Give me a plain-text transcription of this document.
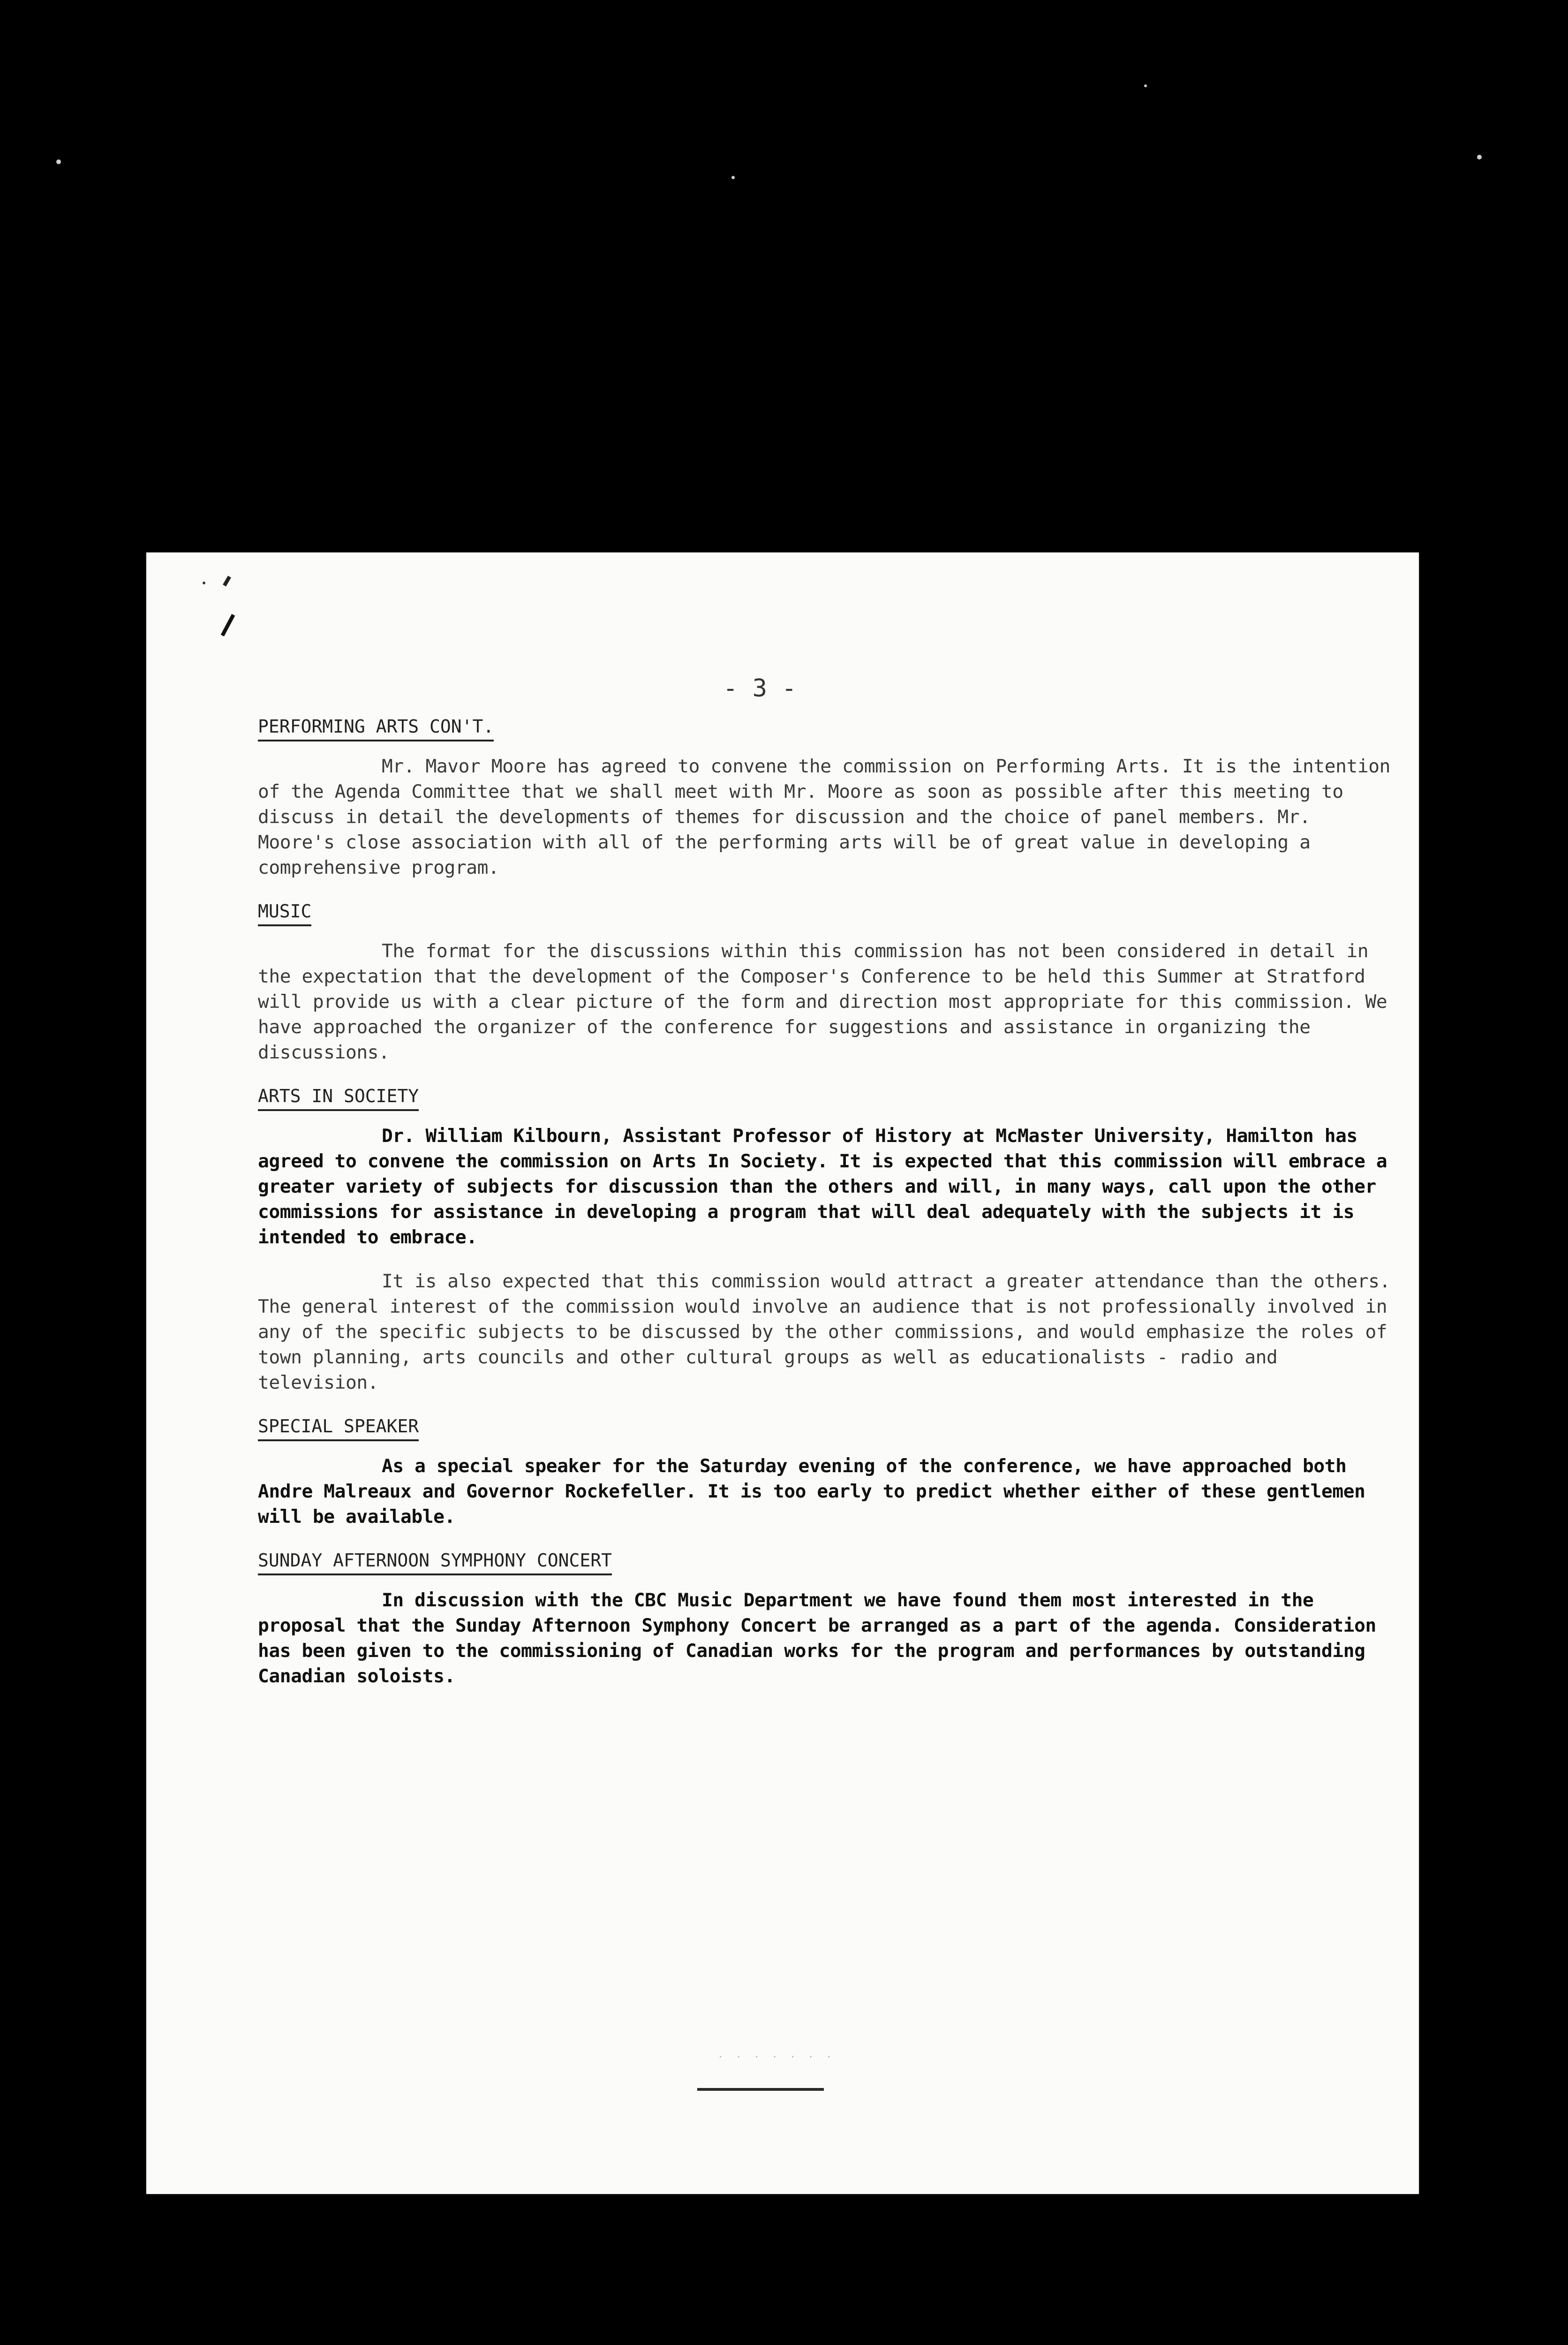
- 3 -
PERFORMING ARTS CON'T.

Mr. Mavor Moore has agreed to convene the commission on Performing Arts. It is the intention of the Agenda Committee that we shall meet with Mr. Moore as soon as possible after this meeting to discuss in detail the developments of themes for discussion and the choice of panel members. Mr. Moore's close association with all of the performing arts will be of great value in developing a comprehensive program.

MUSIC

The format for the discussions within this commission has not been considered in detail in the expectation that the development of the Composer's Conference to be held this Summer at Stratford will provide us with a clear picture of the form and direction most appropriate for this commission. We have approached the organizer of the conference for suggestions and assistance in organizing the discussions.

ARTS IN SOCIETY

Dr. William Kilbourn, Assistant Professor of History at McMaster University, Hamilton has agreed to convene the commission on Arts In Society. It is expected that this commission will embrace a greater variety of subjects for discussion than the others and will, in many ways, call upon the other commissions for assistance in developing a program that will deal adequately with the subjects it is intended to embrace.

It is also expected that this commission would attract a greater attendance than the others. The general interest of the commission would involve an audience that is not professionally involved in any of the specific subjects to be discussed by the other commissions, and would emphasize the roles of town planning, arts councils and other cultural groups as well as educationalists - radio and television.

SPECIAL SPEAKER

As a special speaker for the Saturday evening of the conference, we have approached both Andre Malreaux and Governor Rockefeller. It is too early to predict whether either of these gentlemen will be available.

SUNDAY AFTERNOON SYMPHONY CONCERT

In discussion with the CBC Music Department we have found them most interested in the proposal that the Sunday Afternoon Symphony Concert be arranged as a part of the agenda. Consideration has been given to the commissioning of Canadian works for the program and performances by outstanding Canadian soloists.

· · · · · · ·
